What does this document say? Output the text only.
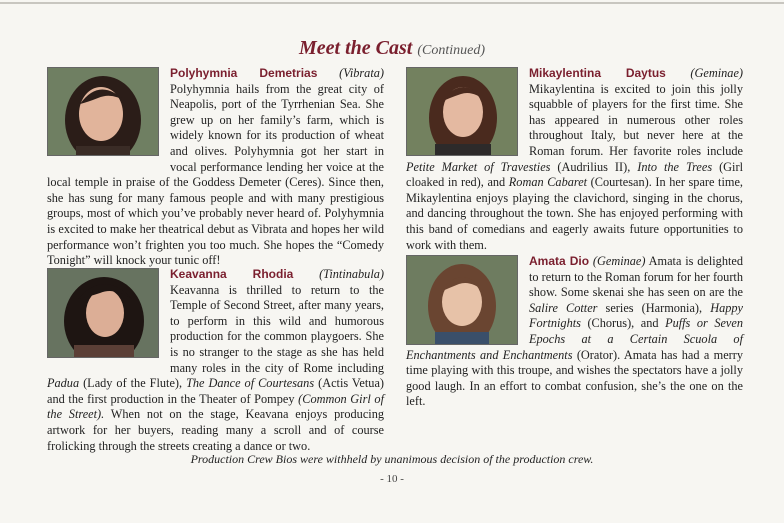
Meet the Cast (Continued)

Polyhymnia Demetrias (Vibrata) Polyhymnia hails from the great city of Neapolis, port of the Tyrrhenian Sea. She grew up on her family’s farm, which is widely known for its production of wheat and olives. Polyhymnia got her start in vocal performance lending her voice at the local temple in praise of the Goddess Demeter (Ceres). Since then, she has sung for many famous people and with many prestigious groups, most of which you’ve probably never heard of. Polyhymnia is excited to make her theatrical debut as Vibrata and hopes her wild performance won’t frighten you too much. She hopes the “Comedy Tonight” will knock your tunic off!

Keavanna Rhodia (Tintinabula) Keavanna is thrilled to return to the Temple of Second Street, after many years, to perform in this wild and humorous production for the common playgoers. She is no stranger to the stage as she has held many roles in the city of Rome including Padua (Lady of the Flute), The Dance of Courtesans (Actis Vetua) and the first production in the Theater of Pompey (Common Girl of the Street). When not on the stage, Keavana enjoys producing artwork for her buyers, reading many a scroll and of course frolicking through the streets creating a dance or two.

Mikaylentina Daytus (Geminae) Mikaylentina is excited to join this jolly squabble of players for the first time. She has appeared in numerous other roles throughout Italy, but never here at the Roman forum. Her favorite roles include Petite Market of Travesties (Audrilius II), Into the Trees (Girl cloaked in red), and Roman Cabaret (Courtesan). In her spare time, Mikaylentina enjoys playing the clavichord, singing in the chorus, and dancing throughout the town. She has enjoyed performing with this band of comedians and eagerly awaits future opportunities to work with them.

Amata Dio (Geminae) Amata is delighted to return to the Roman forum for her fourth show. Some skenai she has seen on are the Salire Cotter series (Harmonia), Happy Fortnights (Chorus), and Puffs or Seven Epochs at a Certain Scuola of Enchantments and Enchantments (Orator). Amata has had a merry time playing with this troupe, and wishes the spectators have a jolly good laugh. In an effort to combat confusion, she’s the one on the left.

Production Crew Bios were withheld by unanimous decision of the production crew.
- 10 -
